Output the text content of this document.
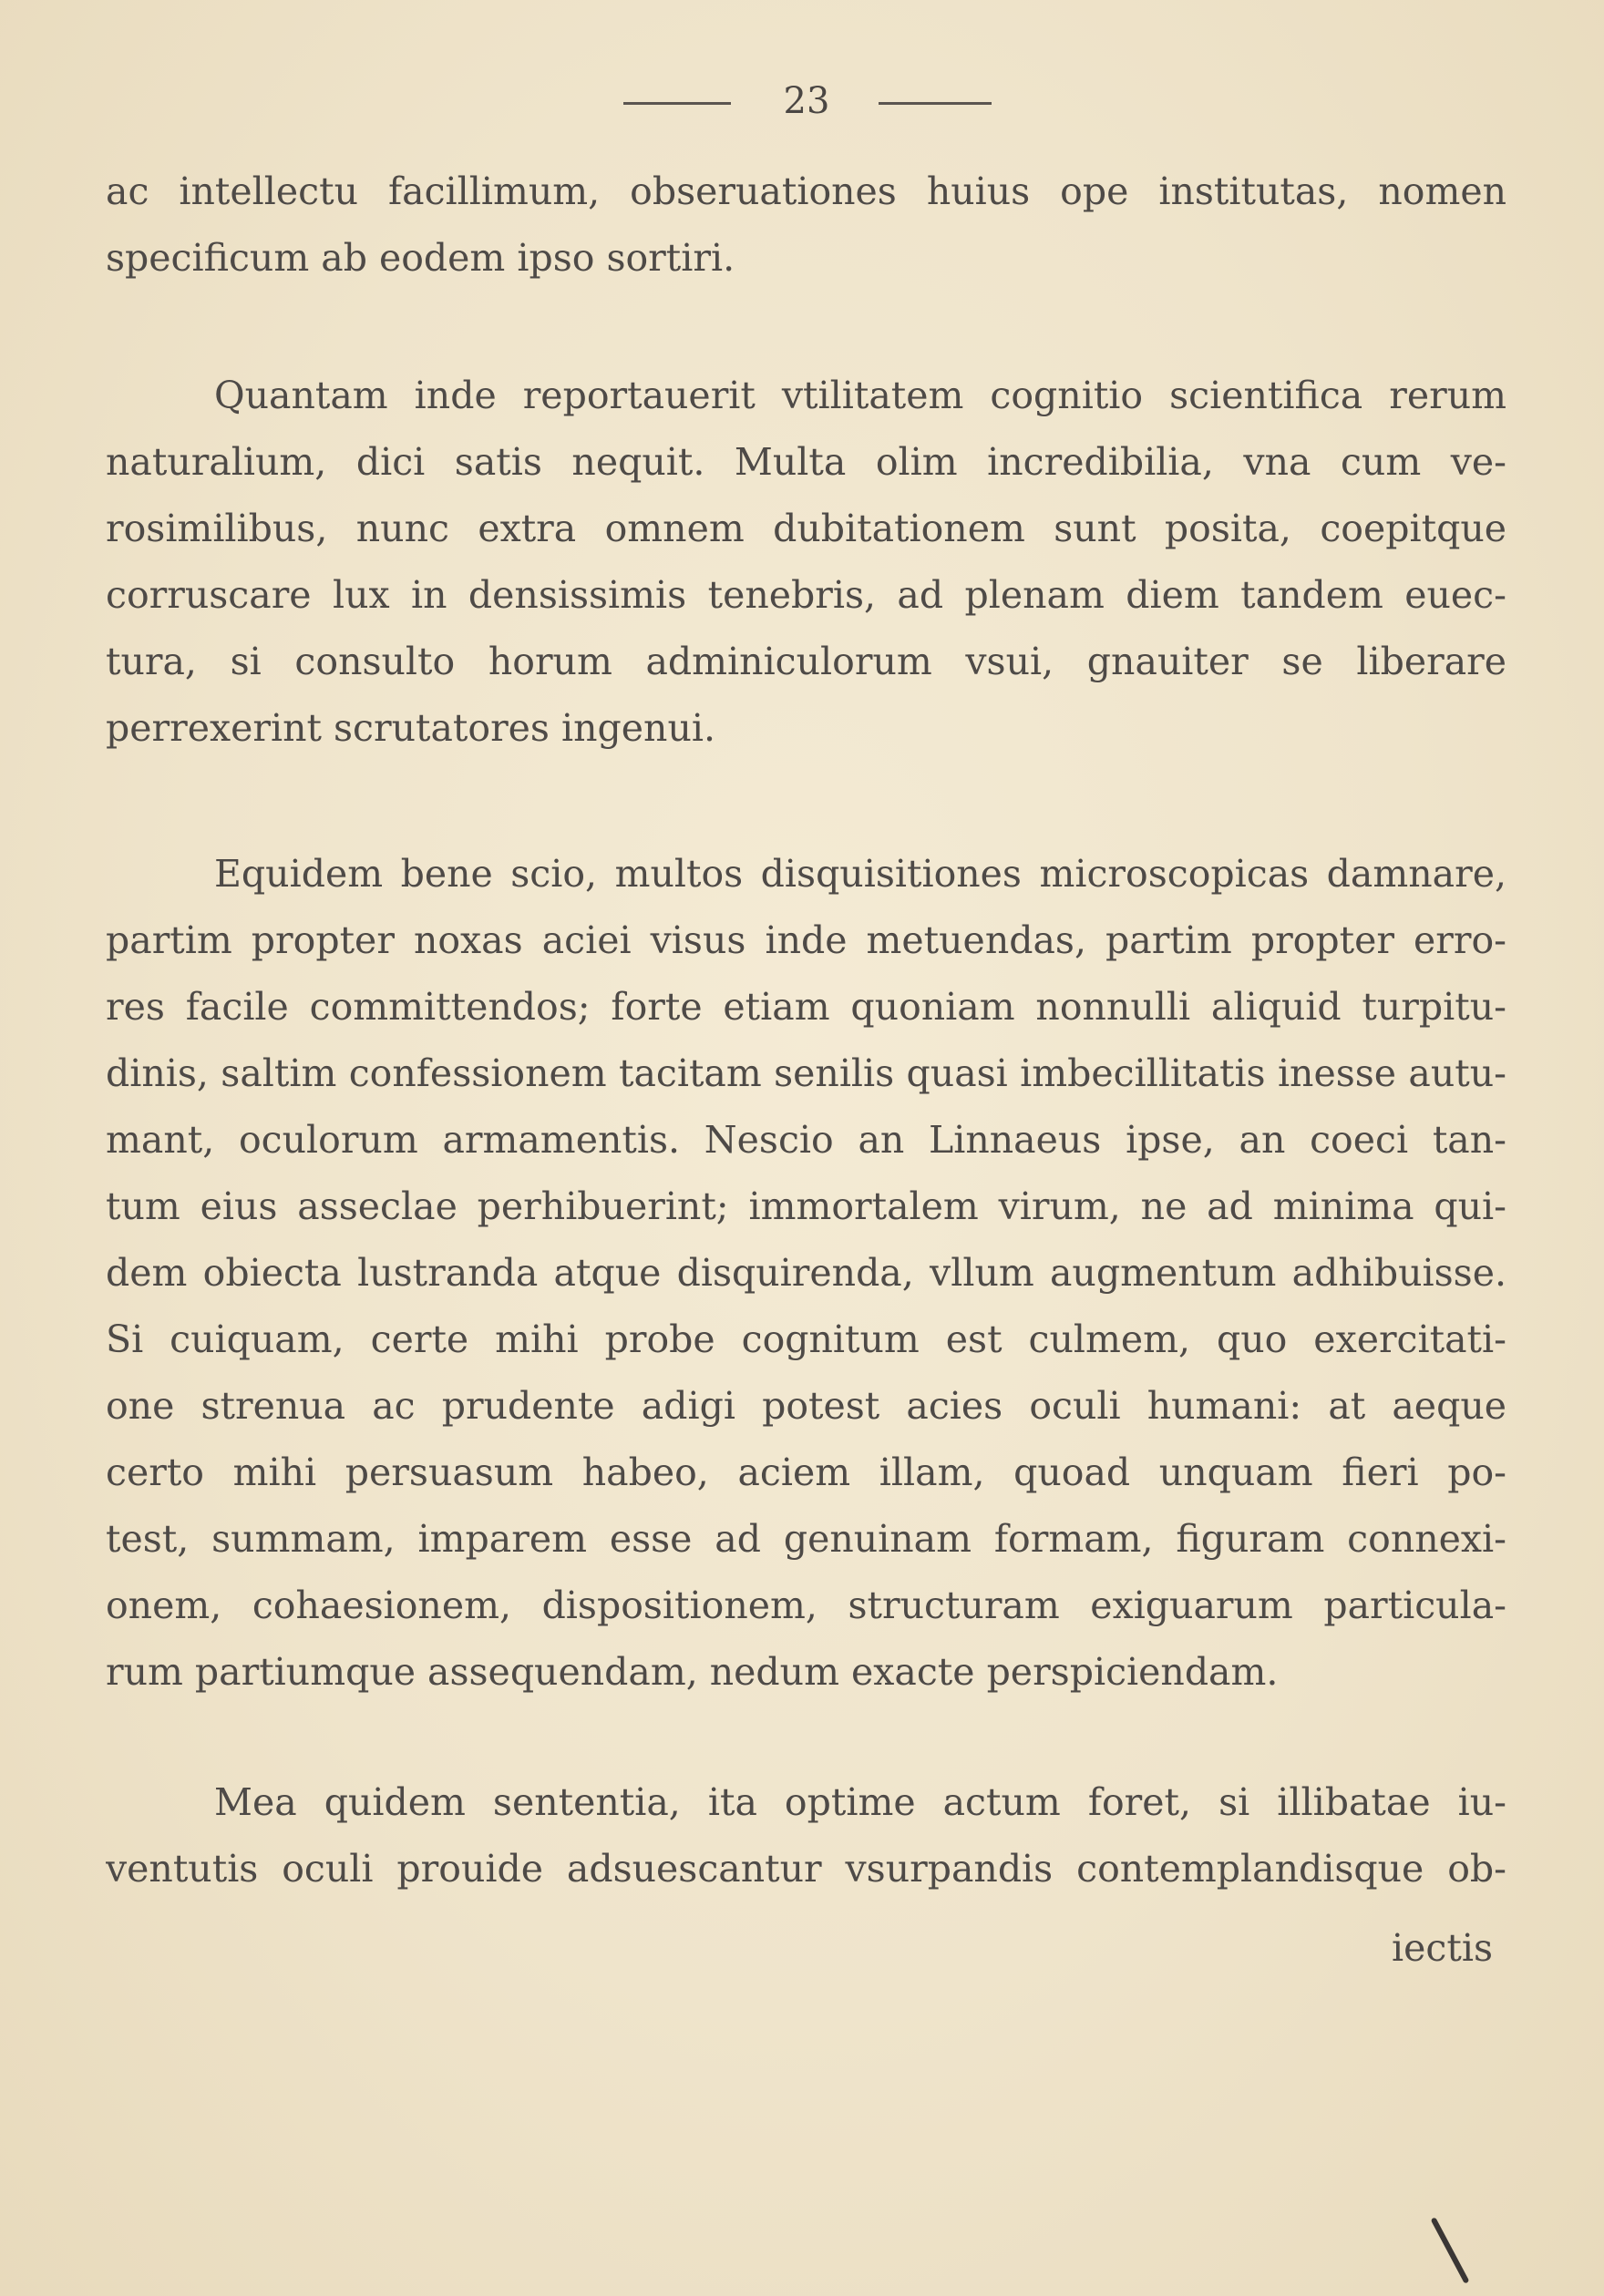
23
ac intellectu facillimum, obseruationes huius ope institutas, nomen
specificum ab eodem ipso sortiri.
Quantam inde reportauerit vtilitatem cognitio scientifica rerum
naturalium, dici satis nequit. Multa olim incredibilia, vna cum ve-
rosimilibus, nunc extra omnem dubitationem sunt posita, coepitque
corruscare lux in densissimis tenebris, ad plenam diem tandem euec-
tura, si consulto horum adminiculorum vsui, gnauiter se liberare
perrexerint scrutatores ingenui.
Equidem bene scio, multos disquisitiones microscopicas damnare,
partim propter noxas aciei visus inde metuendas, partim propter erro-
res facile committendos; forte etiam quoniam nonnulli aliquid turpitu-
dinis, saltim confessionem tacitam senilis quasi imbecillitatis inesse autu-
mant, oculorum armamentis. Nescio an Linnaeus ipse, an coeci tan-
tum eius asseclae perhibuerint; immortalem virum, ne ad minima qui-
dem obiecta lustranda atque disquirenda, vllum augmentum adhibuisse.
Si cuiquam, certe mihi probe cognitum est culmem, quo exercitati-
one strenua ac prudente adigi potest acies oculi humani: at aeque
certo mihi persuasum habeo, aciem illam, quoad unquam fieri po-
test, summam, imparem esse ad genuinam formam, figuram connexi-
onem, cohaesionem, dispositionem, structuram exiguarum particula-
rum partiumque assequendam, nedum exacte perspiciendam.
Mea quidem sententia, ita optime actum foret, si illibatae iu-
ventutis oculi prouide adsuescantur vsurpandis contemplandisque ob-
iectis
